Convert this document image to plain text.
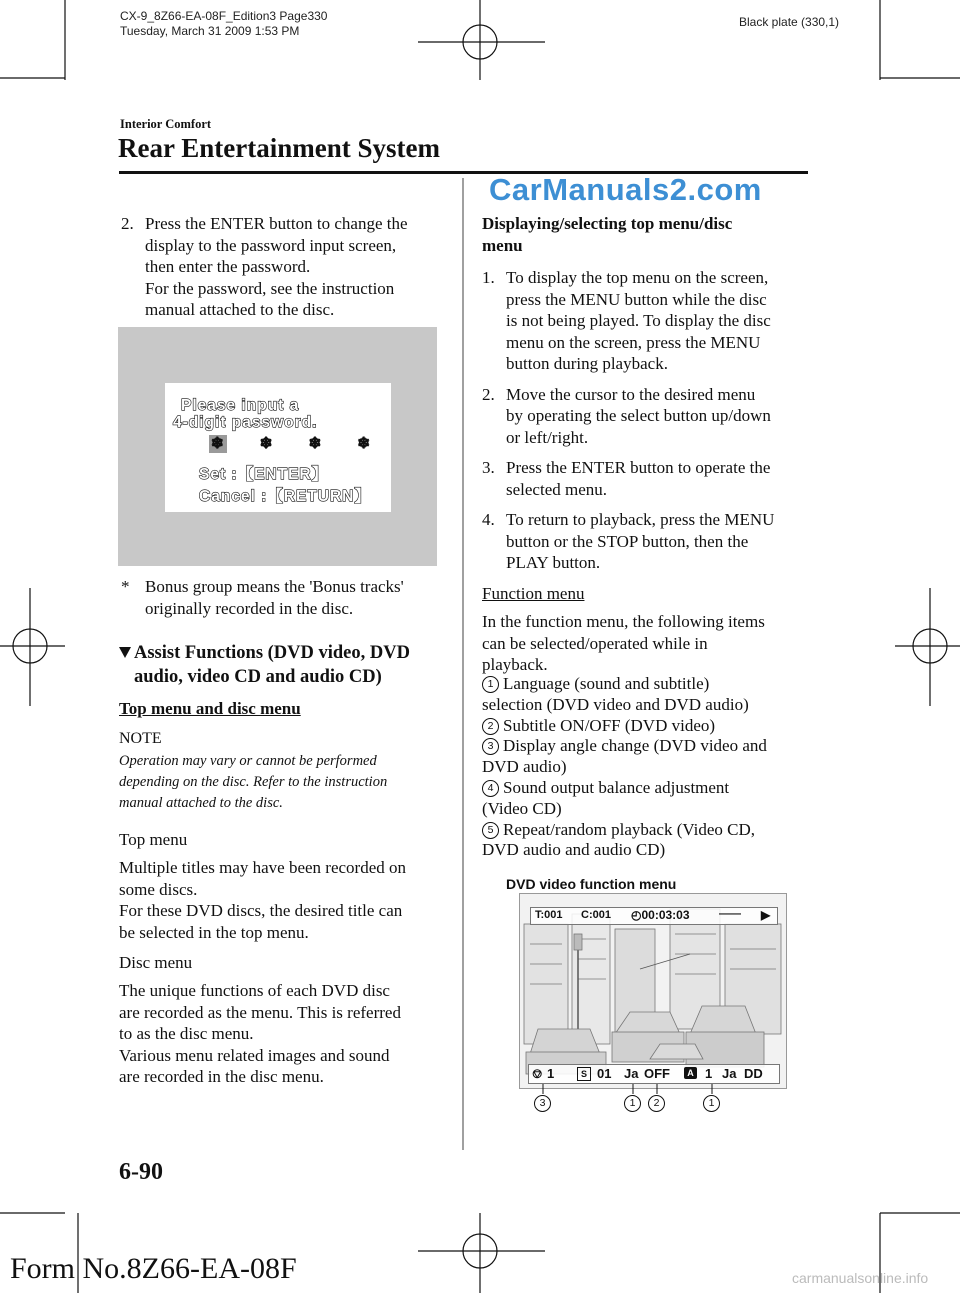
CX-9_8Z66-EA-08F_Edition3 Page330
Tuesday, March 31 2009 1:53 PM
Black plate (330,1)
Interior Comfort
Rear Entertainment System
CarManuals2.com
2. Press the ENTER button to change the
display to the password input screen,
then enter the password.
For the password, see the instruction
manual attached to the disc.
Please input a
4-digit password.
❄ ❄ ❄ ❄
Set :【ENTER】
Cancel :【RETURN】
* Bonus group means the 'Bonus tracks'
originally recorded in the disc.
Assist Functions (DVD video, DVD
audio, video CD and audio CD)
Top menu and disc menu
NOTE
Operation may vary or cannot be performed
depending on the disc. Refer to the instruction
manual attached to the disc.
Top menu
Multiple titles may have been recorded on
some discs.
For these DVD discs, the desired title can
be selected in the top menu.
Disc menu
The unique functions of each DVD disc
are recorded as the menu. This is referred
to as the disc menu.
Various menu related images and sound
are recorded in the disc menu.
Displaying/selecting top menu/disc
menu
1. To display the top menu on the screen,
press the MENU button while the disc
is not being played. To display the disc
menu on the screen, press the MENU
button during playback.
2. Move the cursor to the desired menu
by operating the select button up/down
or left/right.
3. Press the ENTER button to operate the
selected menu.
4. To return to playback, press the MENU
button or the STOP button, then the
PLAY button.
Function menu
In the function menu, the following items
can be selected/operated while in
playback.
1 Language (sound and subtitle)
selection (DVD video and DVD audio)
2 Subtitle ON/OFF (DVD video)
3 Display angle change (DVD video and
DVD audio)
4 Sound output balance adjustment
(Video CD)
5 Repeat/random playback (Video CD,
DVD audio and audio CD)
DVD video function menu
T:001 C:001 ◴00:03:03	—— ▶
⎊ 1	S 01 Ja OFF	A 1 Ja DD
3	1	2	1
6-90
Form No.8Z66-EA-08F	carmanualsonline.info
